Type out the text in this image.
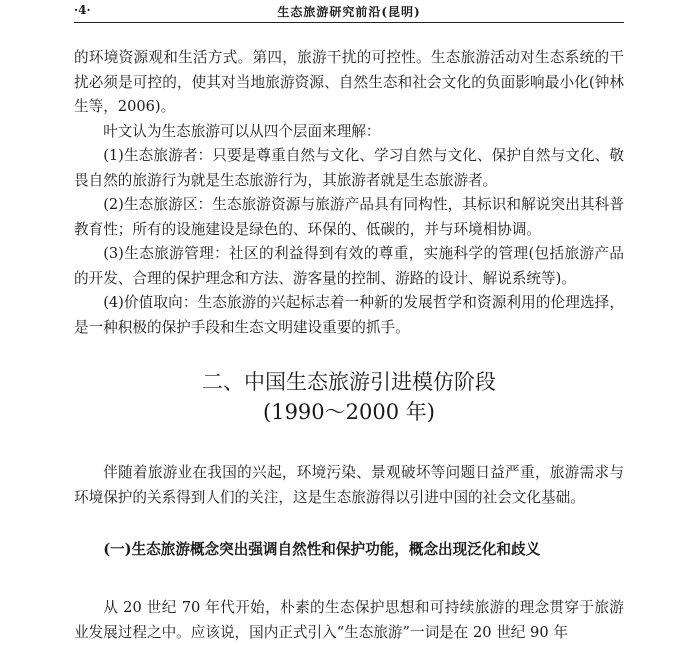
·4·	生态旅游研究前沿(昆明)

的环境资源观和生活方式。第四，旅游干扰的可控性。生态旅游活动对生态系统的干扰必须是可控的，使其对当地旅游资源、自然生态和社会文化的负面影响最小化(钟林生等，2006)。

叶文认为生态旅游可以从四个层面来理解：

(1)生态旅游者：只要是尊重自然与文化、学习自然与文化、保护自然与文化、敬畏自然的旅游行为就是生态旅游行为，其旅游者就是生态旅游者。

(2)生态旅游区：生态旅游资源与旅游产品具有同构性，其标识和解说突出其科普教育性；所有的设施建设是绿色的、环保的、低碳的，并与环境相协调。

(3)生态旅游管理：社区的利益得到有效的尊重，实施科学的管理(包括旅游产品的开发、合理的保护理念和方法、游客量的控制、游路的设计、解说系统等)。

(4)价值取向：生态旅游的兴起标志着一种新的发展哲学和资源利用的伦理选择，是一种积极的保护手段和生态文明建设重要的抓手。

二、中国生态旅游引进模仿阶段
(1990～2000 年)

伴随着旅游业在我国的兴起，环境污染、景观破坏等问题日益严重，旅游需求与环境保护的关系得到人们的关注，这是生态旅游得以引进中国的社会文化基础。

(一)生态旅游概念突出强调自然性和保护功能，概念出现泛化和歧义

从 20 世纪 70 年代开始，朴素的生态保护思想和可持续旅游的理念贯穿于旅游业发展过程之中。应该说，国内正式引入“生态旅游”一词是在 20 世纪 90 年
